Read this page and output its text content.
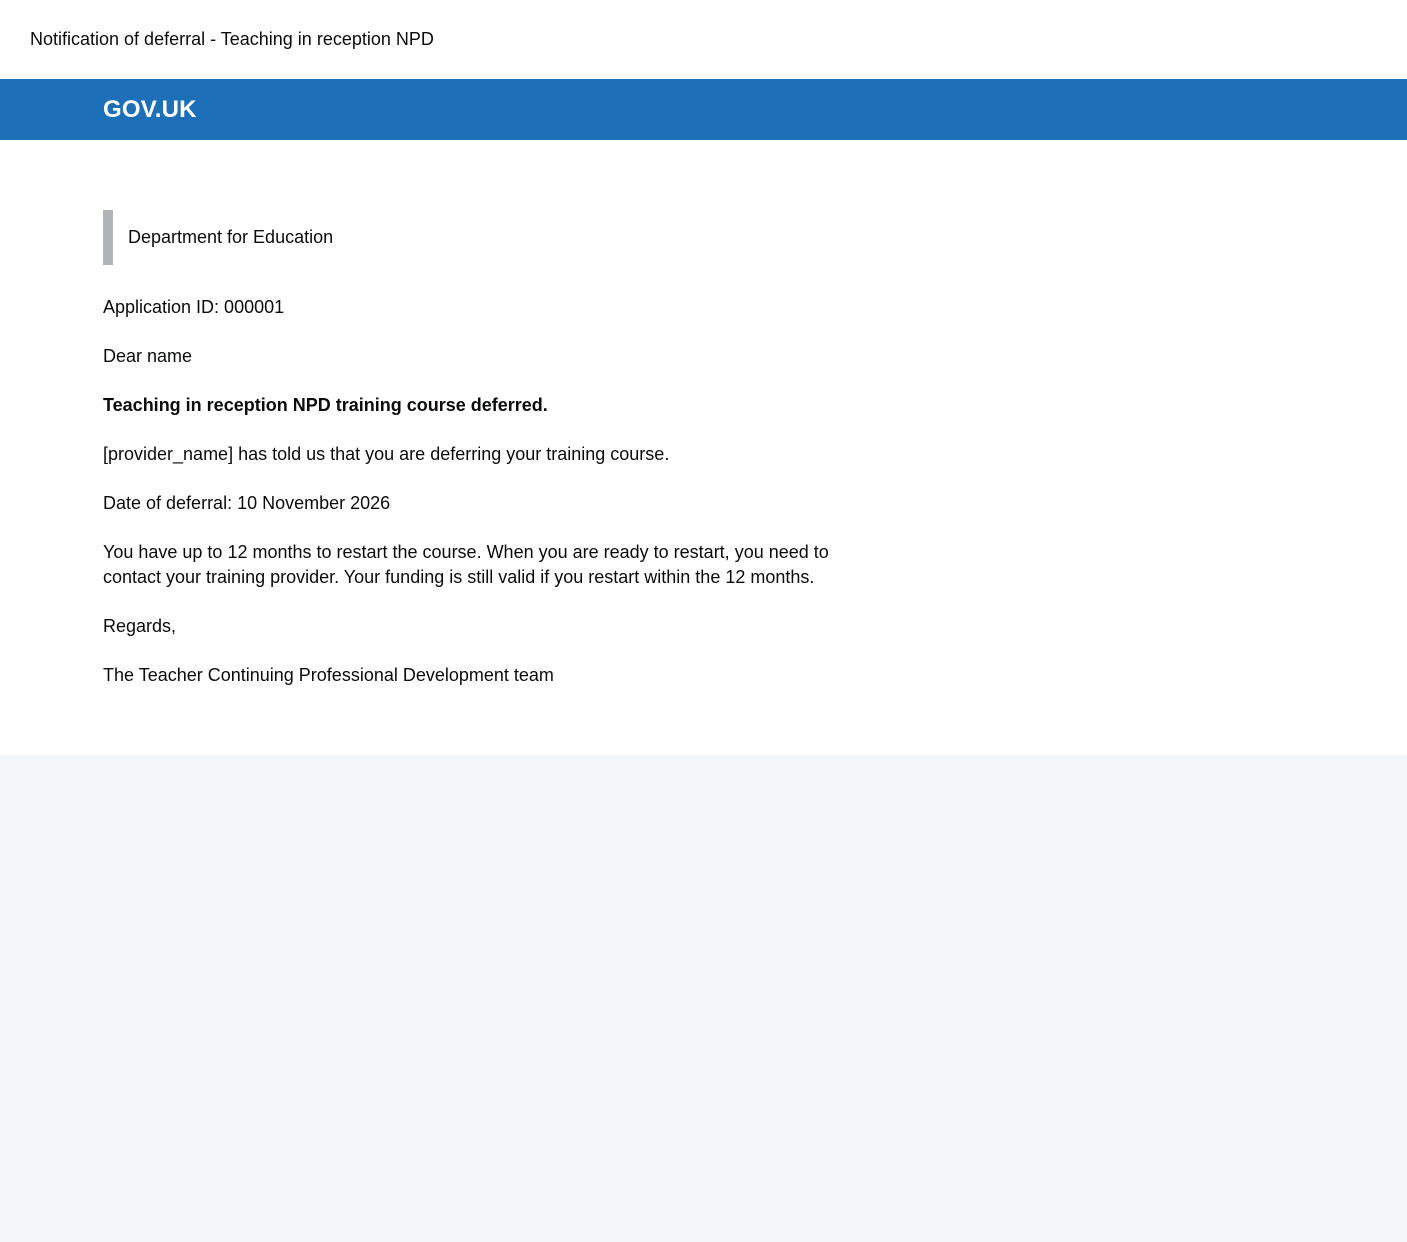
Notification of deferral - Teaching in reception NPD
GOV.UK
Department for Education

Application ID: 000001

Dear name

Teaching in reception NPD training course deferred.

[provider_name] has told us that you are deferring your training course.

Date of deferral: 10 November 2026

You have up to 12 months to restart the course. When you are ready to restart, you need to contact your training provider. Your funding is still valid if you restart within the 12 months.

Regards,

The Teacher Continuing Professional Development team
